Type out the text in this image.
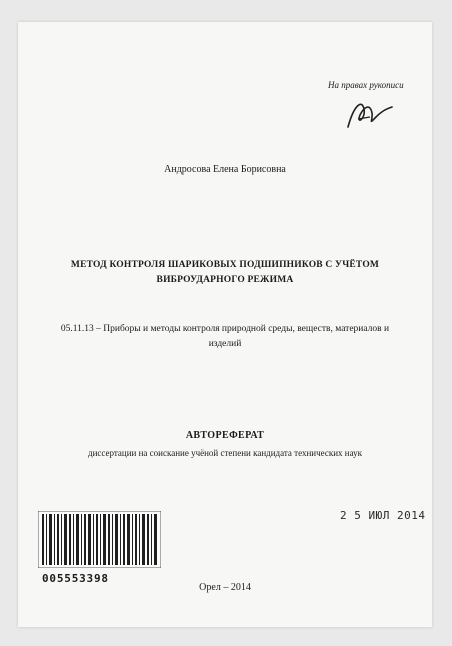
На правах рукописи
Андросова Елена Борисовна
МЕТОД КОНТРОЛЯ ШАРИКОВЫХ ПОДШИПНИКОВ С УЧЁТОМ ВИБРОУДАРНОГО РЕЖИМА
05.11.13 – Приборы и методы контроля природной среды, веществ, материалов и изделий
АВТОРЕФЕРАТ
диссертации на соискание учёной степени кандидата технических наук
2 5 ИЮЛ 2014
005553398
Орел – 2014
